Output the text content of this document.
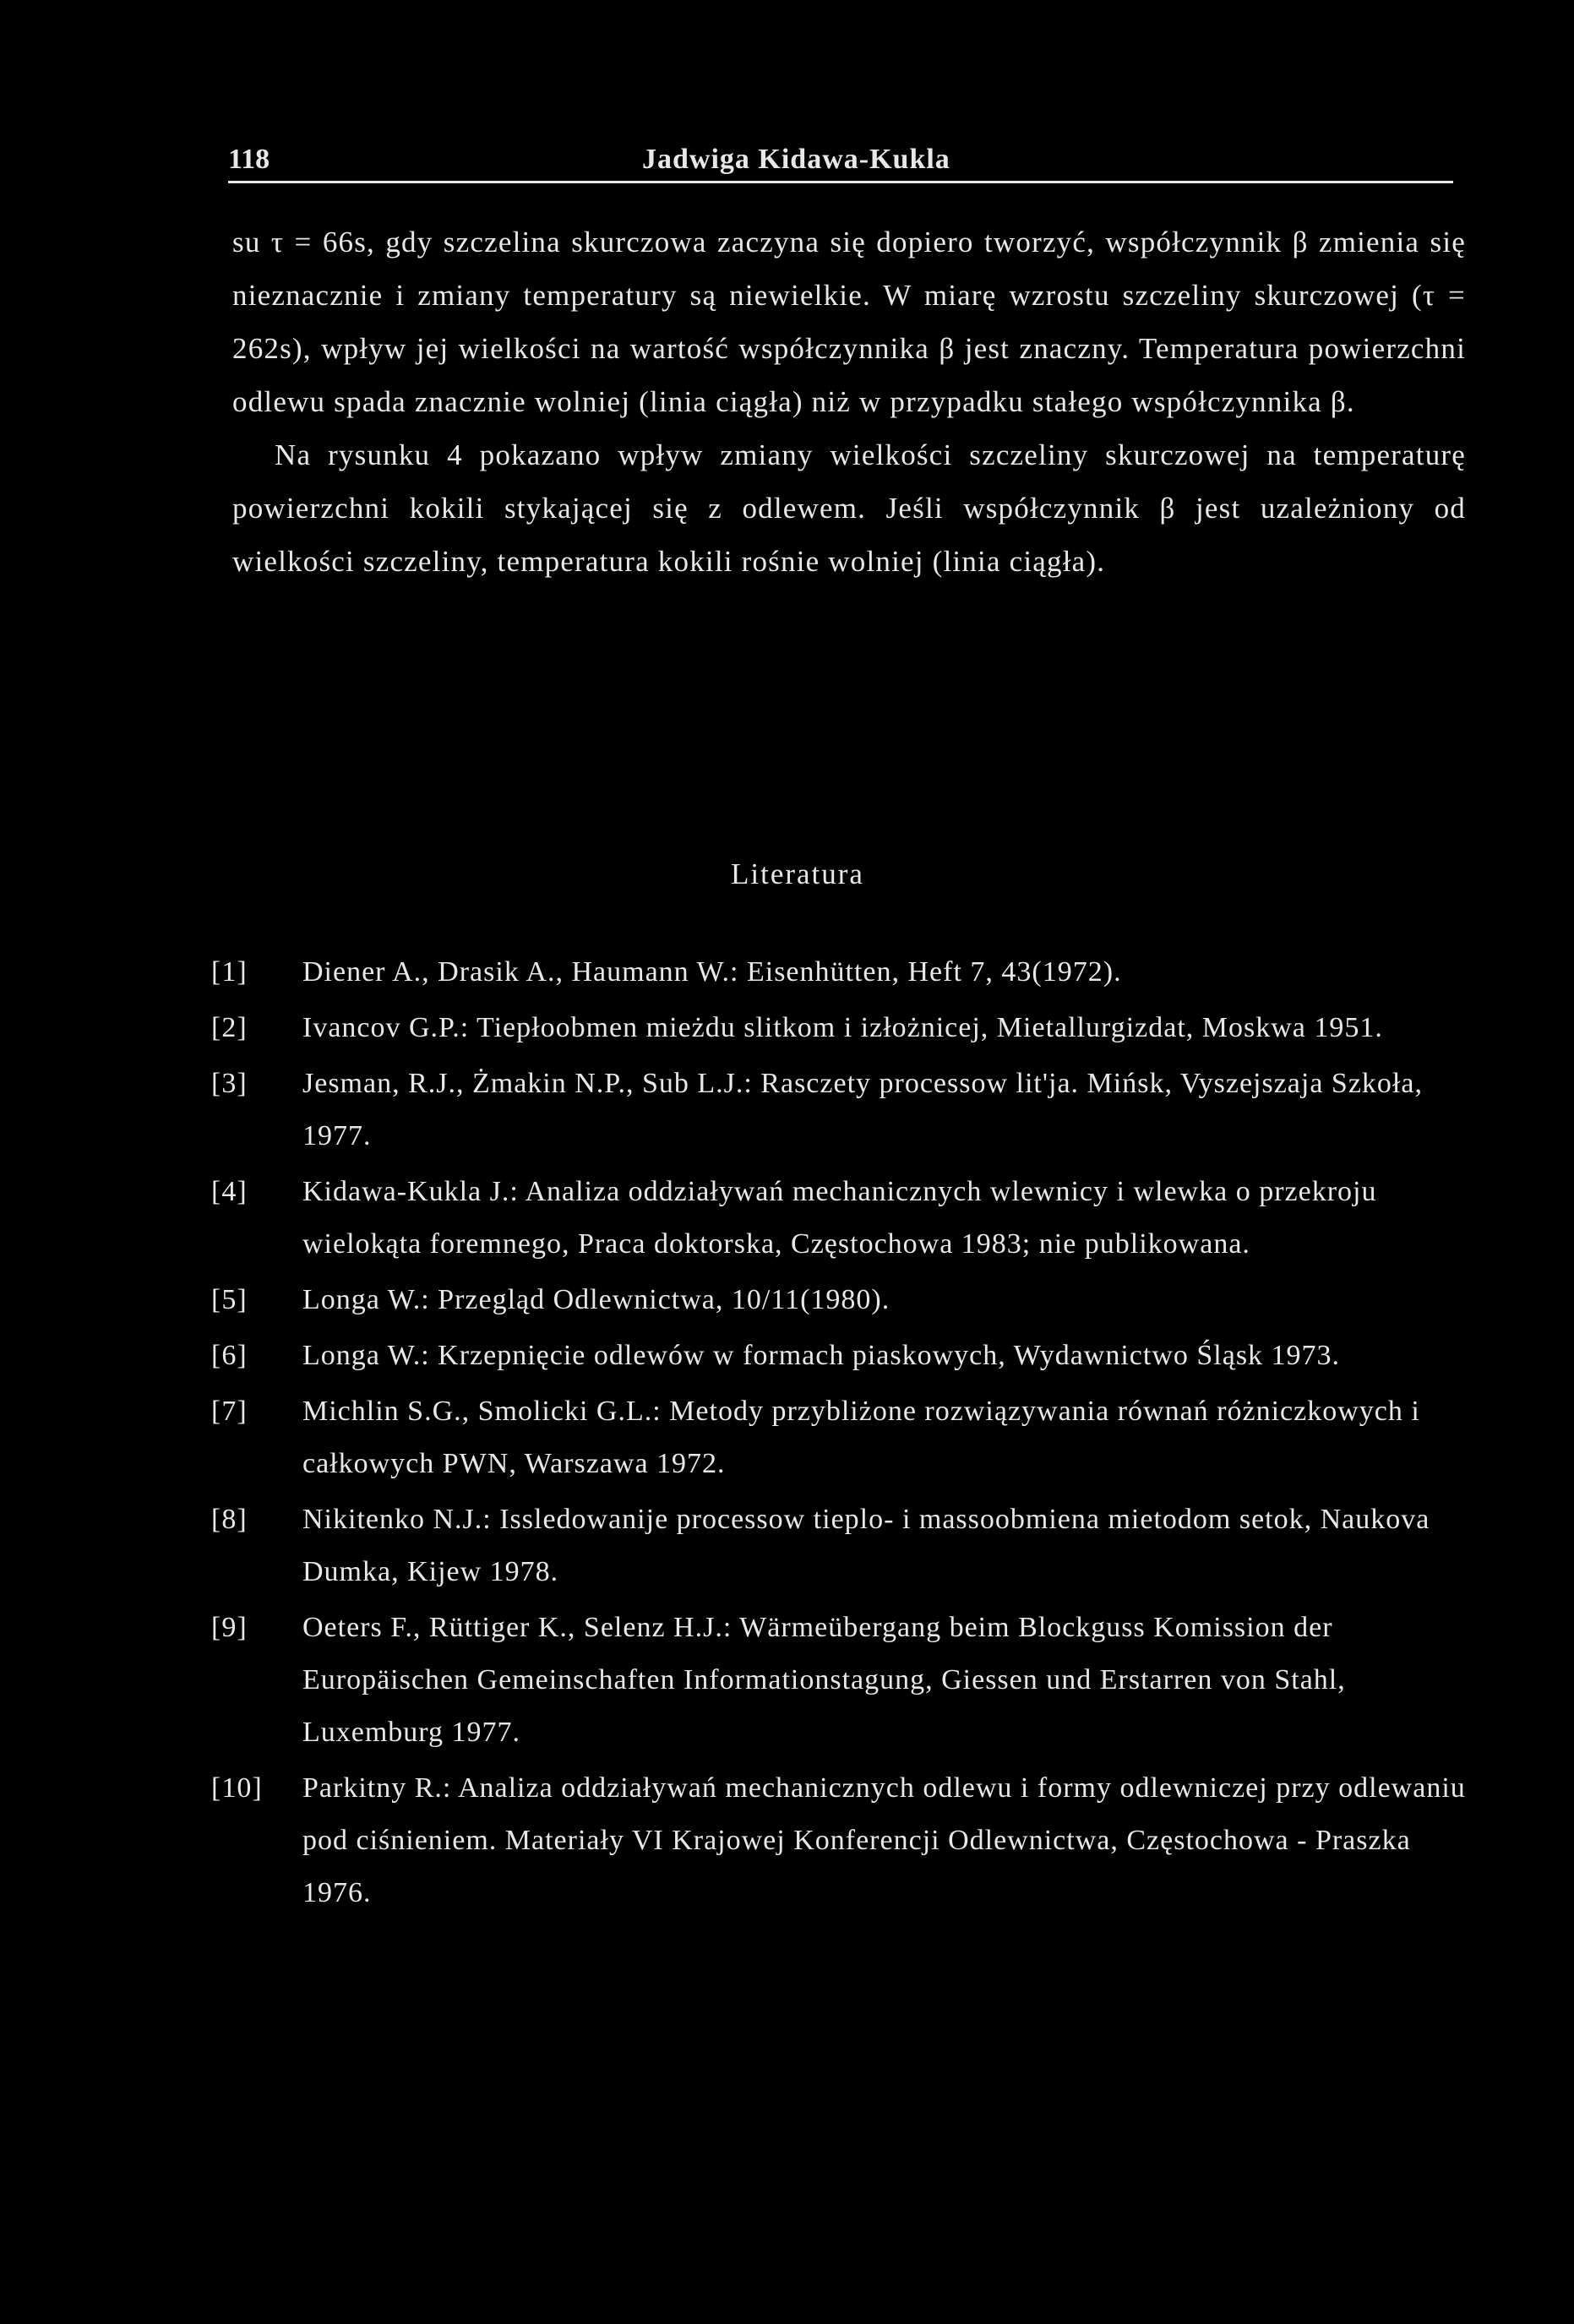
118	Jadwiga Kidawa-Kukla

su τ = 66s, gdy szczelina skurczowa zaczyna się dopiero tworzyć, współczynnik β zmienia się nieznacznie i zmiany temperatury są niewielkie. W miarę wzrostu szczeliny skurczowej (τ = 262s), wpływ jej wielkości na wartość współczynnika β jest znaczny. Temperatura powierzchni odlewu spada znacznie wolniej (linia ciągła) niż w przypadku stałego współczynnika β.

Na rysunku 4 pokazano wpływ zmiany wielkości szczeliny skurczowej na temperaturę powierzchni kokili stykającej się z odlewem. Jeśli współczynnik β jest uzależniony od wielkości szczeliny, temperatura kokili rośnie wolniej (linia ciągła).

Literatura
[1]	Diener A., Drasik A., Haumann W.: Eisenhütten, Heft 7, 43(1972).
[2]	Ivancov G.P.: Tiepłoobmen mieżdu slitkom i izłożnicej, Mietallurgizdat, Moskwa 1951.
[3]	Jesman, R.J., Żmakin N.P., Sub L.J.: Rasczety processow lit'ja. Mińsk, Vyszejszaja Szkoła, 1977.
[4]	Kidawa-Kukla J.: Analiza oddziaływań mechanicznych wlewnicy i wlewka o przekroju wielokąta foremnego, Praca doktorska, Częstochowa 1983; nie publikowana.
[5]	Longa W.: Przegląd Odlewnictwa, 10/11(1980).
[6]	Longa W.: Krzepnięcie odlewów w formach piaskowych, Wydawnictwo Śląsk 1973.
[7]	Michlin S.G., Smolicki G.L.: Metody przybliżone rozwiązywania równań różniczkowych i całkowych PWN, Warszawa 1972.
[8]	Nikitenko N.J.: Issledowanije processow tieplo- i massoobmiena mietodom setok, Naukova Dumka, Kijew 1978.
[9]	Oeters F., Rüttiger K., Selenz H.J.: Wärmeübergang beim Blockguss Komission der Europäischen Gemeinschaften Informationstagung, Giessen und Erstarren von Stahl, Luxemburg 1977.
[10]	Parkitny R.: Analiza oddziaływań mechanicznych odlewu i formy odlewniczej przy odlewaniu pod ciśnieniem. Materiały VI Krajowej Konferencji Odlewnictwa, Częstochowa - Praszka 1976.
